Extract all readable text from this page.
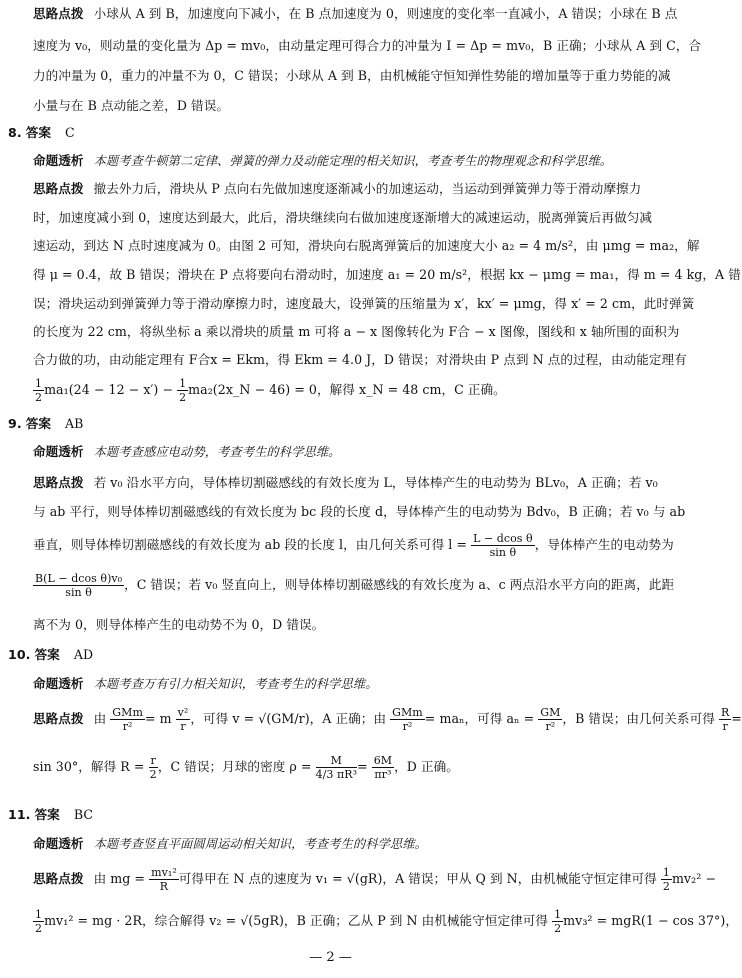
思路点拨 小球从 A 到 B，加速度向下减小，在 B 点加速度为 0，则速度的变化率一直减小，A 错误；小球在 B 点
速度为 v₀，则动量的变化量为 Δp = mv₀，由动量定理可得合力的冲量为 I = Δp = mv₀，B 正确；小球从 A 到 C，合
力的冲量为 0，重力的冲量不为 0，C 错误；小球从 A 到 B，由机械能守恒知弹性势能的增加量等于重力势能的减
小量与在 B 点动能之差，D 错误。
8. 答案 C
命题透析 本题考查牛顿第二定律、弹簧的弹力及动能定理的相关知识，考查考生的物理观念和科学思维。
思路点拨 撤去外力后，滑块从 P 点向右先做加速度逐渐减小的加速运动，当运动到弹簧弹力等于滑动摩擦力
时，加速度减小到 0，速度达到最大，此后，滑块继续向右做加速度逐渐增大的减速运动，脱离弹簧后再做匀减
速运动，到达 N 点时速度减为 0。由图 2 可知，滑块向右脱离弹簧后的加速度大小 a₂ = 4 m/s²，由 μmg = ma₂，解
得 μ = 0.4，故 B 错误；滑块在 P 点将要向右滑动时，加速度 a₁ = 20 m/s²，根据 kx − μmg = ma₁，得 m = 4 kg，A 错
误；滑块运动到弹簧弹力等于滑动摩擦力时，速度最大，设弹簧的压缩量为 x′，kx′ = μmg，得 x′ = 2 cm，此时弹簧
的长度为 22 cm，将纵坐标 a 乘以滑块的质量 m 可将 a − x 图像转化为 F合 − x 图像，图线和 x 轴所围的面积为
合力做的功，由动能定理有 F合x = Ekm，得 Ekm = 4.0 J，D 错误；对滑块由 P 点到 N 点的过程，由动能定理有
$\frac{1}{2} ma_1(24 - 12 - x') - \frac{1}{2}$ ma₂(2x_N − 46) = 0，解得 x_N = 48 cm，C 正确。
9. 答案 AB
命题透析 本题考查感应电动势，考查考生的科学思维。
思路点拨 若 v₀ 沿水平方向，导体棒切割磁感线的有效长度为 L，导体棒产生的电动势为 BLv₀，A 正确；若 v₀
与 ab 平行，则导体棒切割磁感线的有效长度为 bc 段的长度 d，导体棒产生的电动势为 Bdv₀，B 正确；若 v₀ 与 ab
垂直，则导体棒切割磁感线的有效长度为 ab 段的长度 l，由几何关系可得 $l = \frac{\text{L − dcos θ}}{\text{sin θ}}$ ，导体棒产生的电动势为
$\frac{\text{B(L − dcos θ)v₀}}{\text{sin θ}}$ ，C 错误；若 v₀ 竖直向上，则导体棒切割磁感线的有效长度为 a、c 两点沿水平方向的距离，此距
离不为 0，则导体棒产生的电动势不为 0，D 错误。
10. 答案 AD
命题透析 本题考查万有引力相关知识，考查考生的科学思维。
思路点拨 由 $\frac{\text{GMm}}{\text{r²}} = m \frac{\text{v²}}{r}$ ，可得 v = √(GM/r)，A 正确；由 $\frac{\text{GMm}}{\text{r²}} = ma_n$，可得 $a_n = \frac{GM}{\text{r²}}$ ，B 错误；由几何关系可得 $\frac{R}{r}$ =
sin 30°，解得 $R = \frac{r}{2}$ ，C 错误；月球的密度 $\rho = \frac{M}{\text{4/3 πR³}} = \frac{6M}{\text{πr³}}$ ，D 正确。
11. 答案 BC
命题透析 本题考查竖直平面圆周运动相关知识，考查考生的科学思维。
思路点拨 由 mg = $\frac{\text{mv₁²}}{R}$ 可得甲在 N 点的速度为 v₁ = √(gR)，A 错误；甲从 Q 到 N，由机械能守恒定律可得 $\frac{1}{2} mv_2^2$ −
$\frac{1}{2} mv_1^2$ = mg · 2R，综合解得 v₂ = √(5gR)，B 正确；乙从 P 到 N 由机械能守恒定律可得 $\frac{1}{2} mv_3^2 = mgR(1 - \cos 37^\circ)$，
— 2 —
